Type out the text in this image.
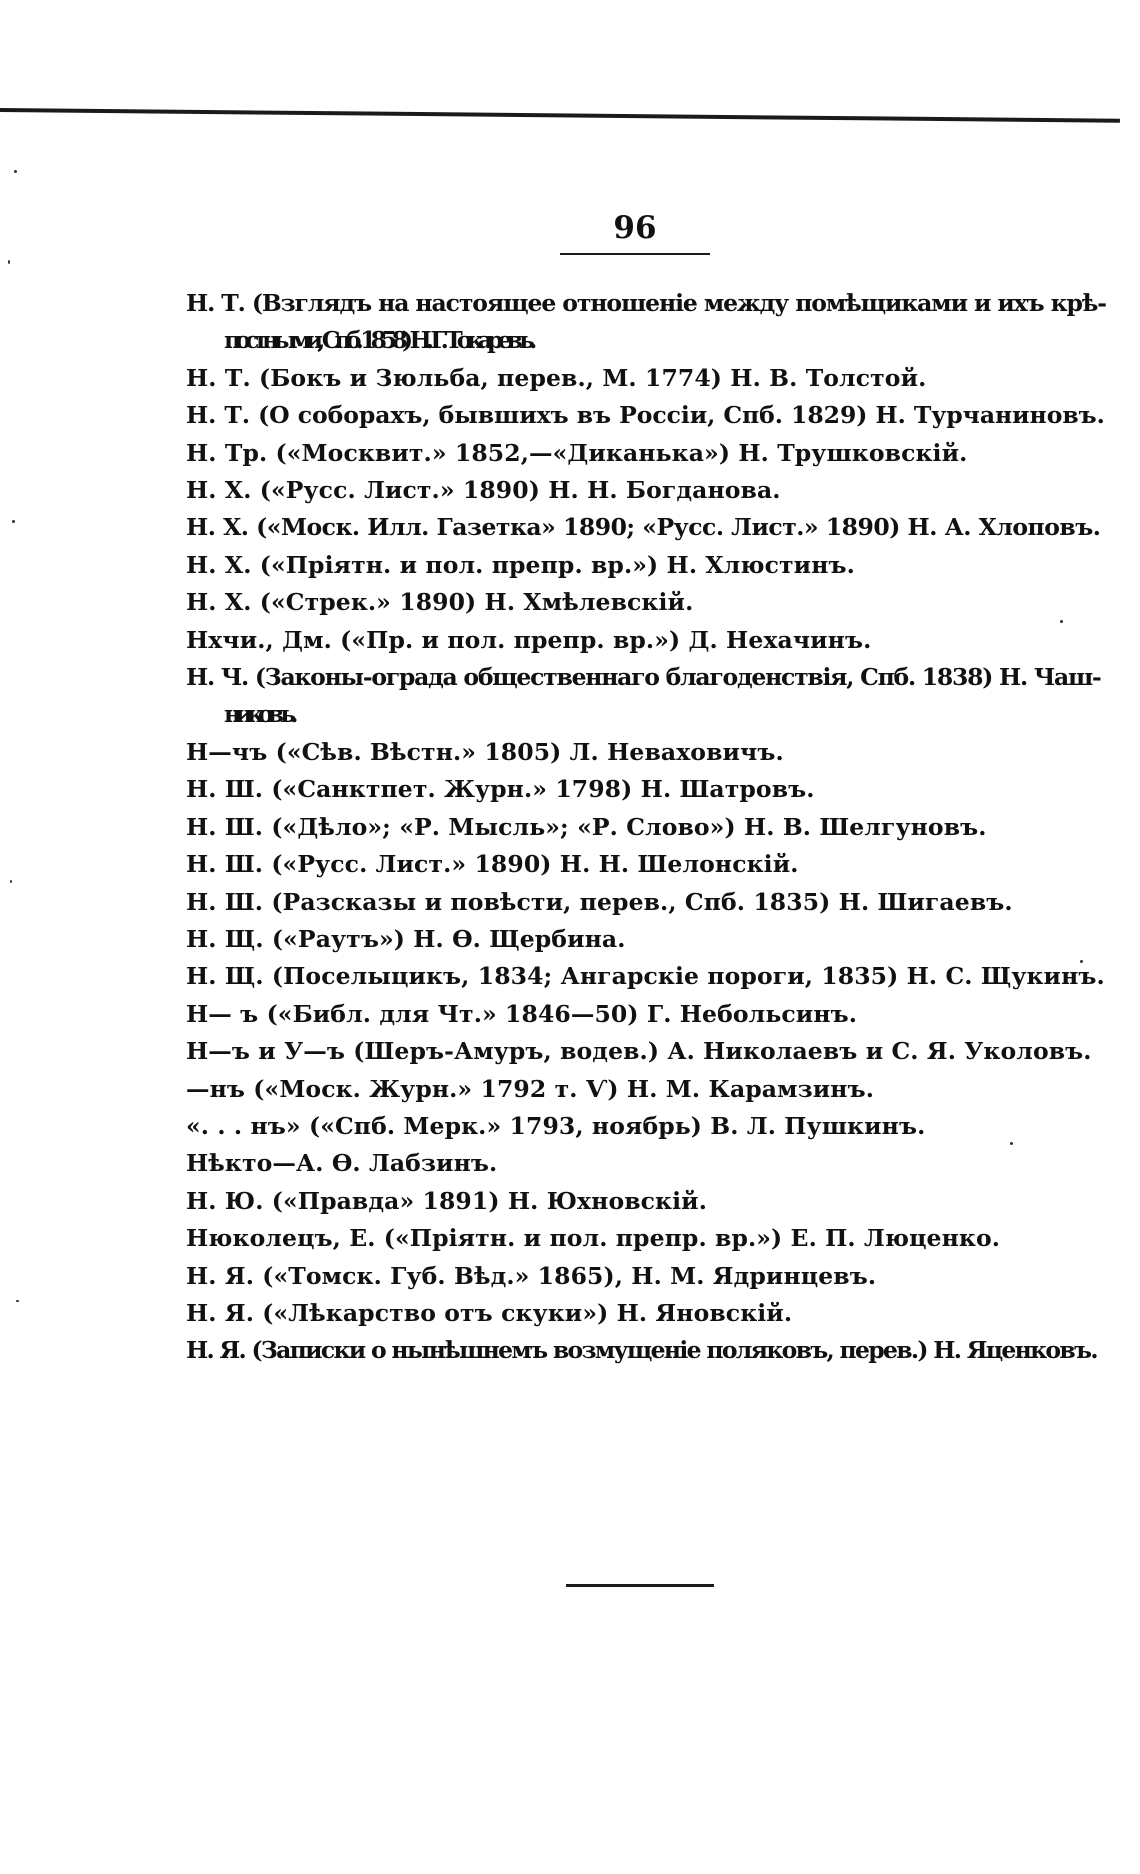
96
Н. Т. (Взглядъ на настоящее отношеніе между помѣщиками и ихъ крѣ-
постными, Спб. 1858) Н. Г. Токаревъ.
Н. Т. (Бокъ и Зюльба, перев., М. 1774) Н. В. Толстой.
Н. Т. (О соборахъ, бывшихъ въ Россіи, Спб. 1829) Н. Турчаниновъ.
Н. Тр. («Москвит.» 1852,—«Диканька») Н. Трушковскій.
Н. Х. («Русс. Лист.» 1890) Н. Н. Богданова.
Н. Х. («Моск. Илл. Газетка» 1890; «Русс. Лист.» 1890) Н. А. Хлоповъ.
Н. Х. («Пріятн. и пол. препр. вр.») Н. Хлюстинъ.
Н. Х. («Стрек.» 1890) Н. Хмѣлевскій.
Нхчи., Дм. («Пр. и пол. препр. вр.») Д. Нехачинъ.
Н. Ч. (Законы-ограда общественнаго благоденствія, Спб. 1838) Н. Чаш-
никовъ.
Н—чъ («Сѣв. Вѣстн.» 1805) Л. Неваховичъ.
Н. Ш. («Санктпет. Журн.» 1798) Н. Шатровъ.
Н. Ш. («Дѣло»; «Р. Мысль»; «Р. Слово») Н. В. Шелгуновъ.
Н. Ш. («Русс. Лист.» 1890) Н. Н. Шелонскій.
Н. Ш. (Разсказы и повѣсти, перев., Спб. 1835) Н. Шигаевъ.
Н. Щ. («Раутъ») Н. Ѳ. Щербина.
Н. Щ. (Поселыцикъ, 1834; Ангарскіе пороги, 1835) Н. С. Щукинъ.
Н— ъ («Библ. для Чт.» 1846—50) Г. Небольсинъ.
Н—ъ и У—ъ (Шеръ-Амуръ, водев.) А. Николаевъ и С. Я. Уколовъ.
—нъ («Моск. Журн.» 1792 т. Ѵ) Н. М. Карамзинъ.
«. . . нъ» («Спб. Мерк.» 1793, ноябрь) В. Л. Пушкинъ.
Нѣкто—А. Ѳ. Лабзинъ.
Н. Ю. («Правда» 1891) Н. Юхновскій.
Нюколецъ, Е. («Пріятн. и пол. препр. вр.») Е. П. Люценко.
Н. Я. («Томск. Губ. Вѣд.» 1865), Н. М. Ядринцевъ.
Н. Я. («Лѣкарство отъ скуки») Н. Яновскій.
Н. Я. (Записки о нынѣшнемъ возмущеніе поляковъ, перев.) Н. Яценковъ.
